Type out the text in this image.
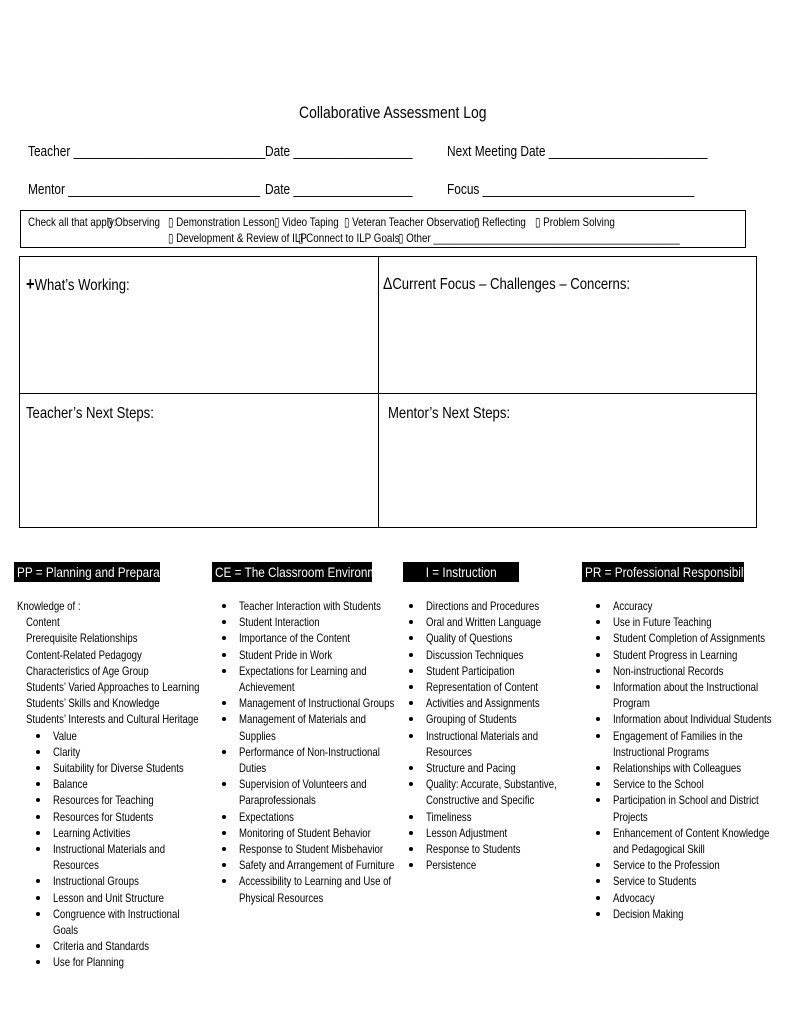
Collaborative Assessment Log
Teacher _____________________________ Date __________________ Next Meeting Date ________________________
Mentor _____________________________ Date __________________ Focus ________________________________
Check all that apply:
▯ Observing ▯ Demonstration Lesson ▯ Video Taping ▯ Veteran Teacher Observation
▯ Reflecting ▯ Problem Solving
▯ Development & Review of ILP
▯ Connect to ILP Goals
▯ Other _____________________________________________
+What’s Working:	ΔCurrent Focus – Challenges – Concerns:
Teacher’s Next Steps:	Mentor’s Next Steps:
PP = Planning and Preparation	CE = The Classroom Environment	I = Instruction	PR = Professional Responsibilities
Knowledge of :
Content
Prerequisite Relationships
Content-Related Pedagogy
Characteristics of Age Group
Students’ Varied Approaches to Learning
Students’ Skills and Knowledge
Students’ Interests and Cultural Heritage
Value
Clarity
Suitability for Diverse Students
Balance
Resources for Teaching
Resources for Students
Learning Activities
Instructional Materials and
Resources
Instructional Groups
Lesson and Unit Structure
Congruence with Instructional
Goals
Criteria and Standards
Use for Planning
Teacher Interaction with Students
Student Interaction
Importance of the Content
Student Pride in Work
Expectations for Learning and
Achievement
Management of Instructional Groups
Management of Materials and
Supplies
Performance of Non-Instructional
Duties
Supervision of Volunteers and
Paraprofessionals
Expectations
Monitoring of Student Behavior
Response to Student Misbehavior
Safety and Arrangement of Furniture
Accessibility to Learning and Use of
Physical Resources
Directions and Procedures
Oral and Written Language
Quality of Questions
Discussion Techniques
Student Participation
Representation of Content
Activities and Assignments
Grouping of Students
Instructional Materials and
Resources
Structure and Pacing
Quality: Accurate, Substantive,
Constructive and Specific
Timeliness
Lesson Adjustment
Response to Students
Persistence
Accuracy
Use in Future Teaching
Student Completion of Assignments
Student Progress in Learning
Non-instructional Records
Information about the Instructional
Program
Information about Individual Students
Engagement of Families in the
Instructional Programs
Relationships with Colleagues
Service to the School
Participation in School and District
Projects
Enhancement of Content Knowledge
and Pedagogical Skill
Service to the Profession
Service to Students
Advocacy
Decision Making
